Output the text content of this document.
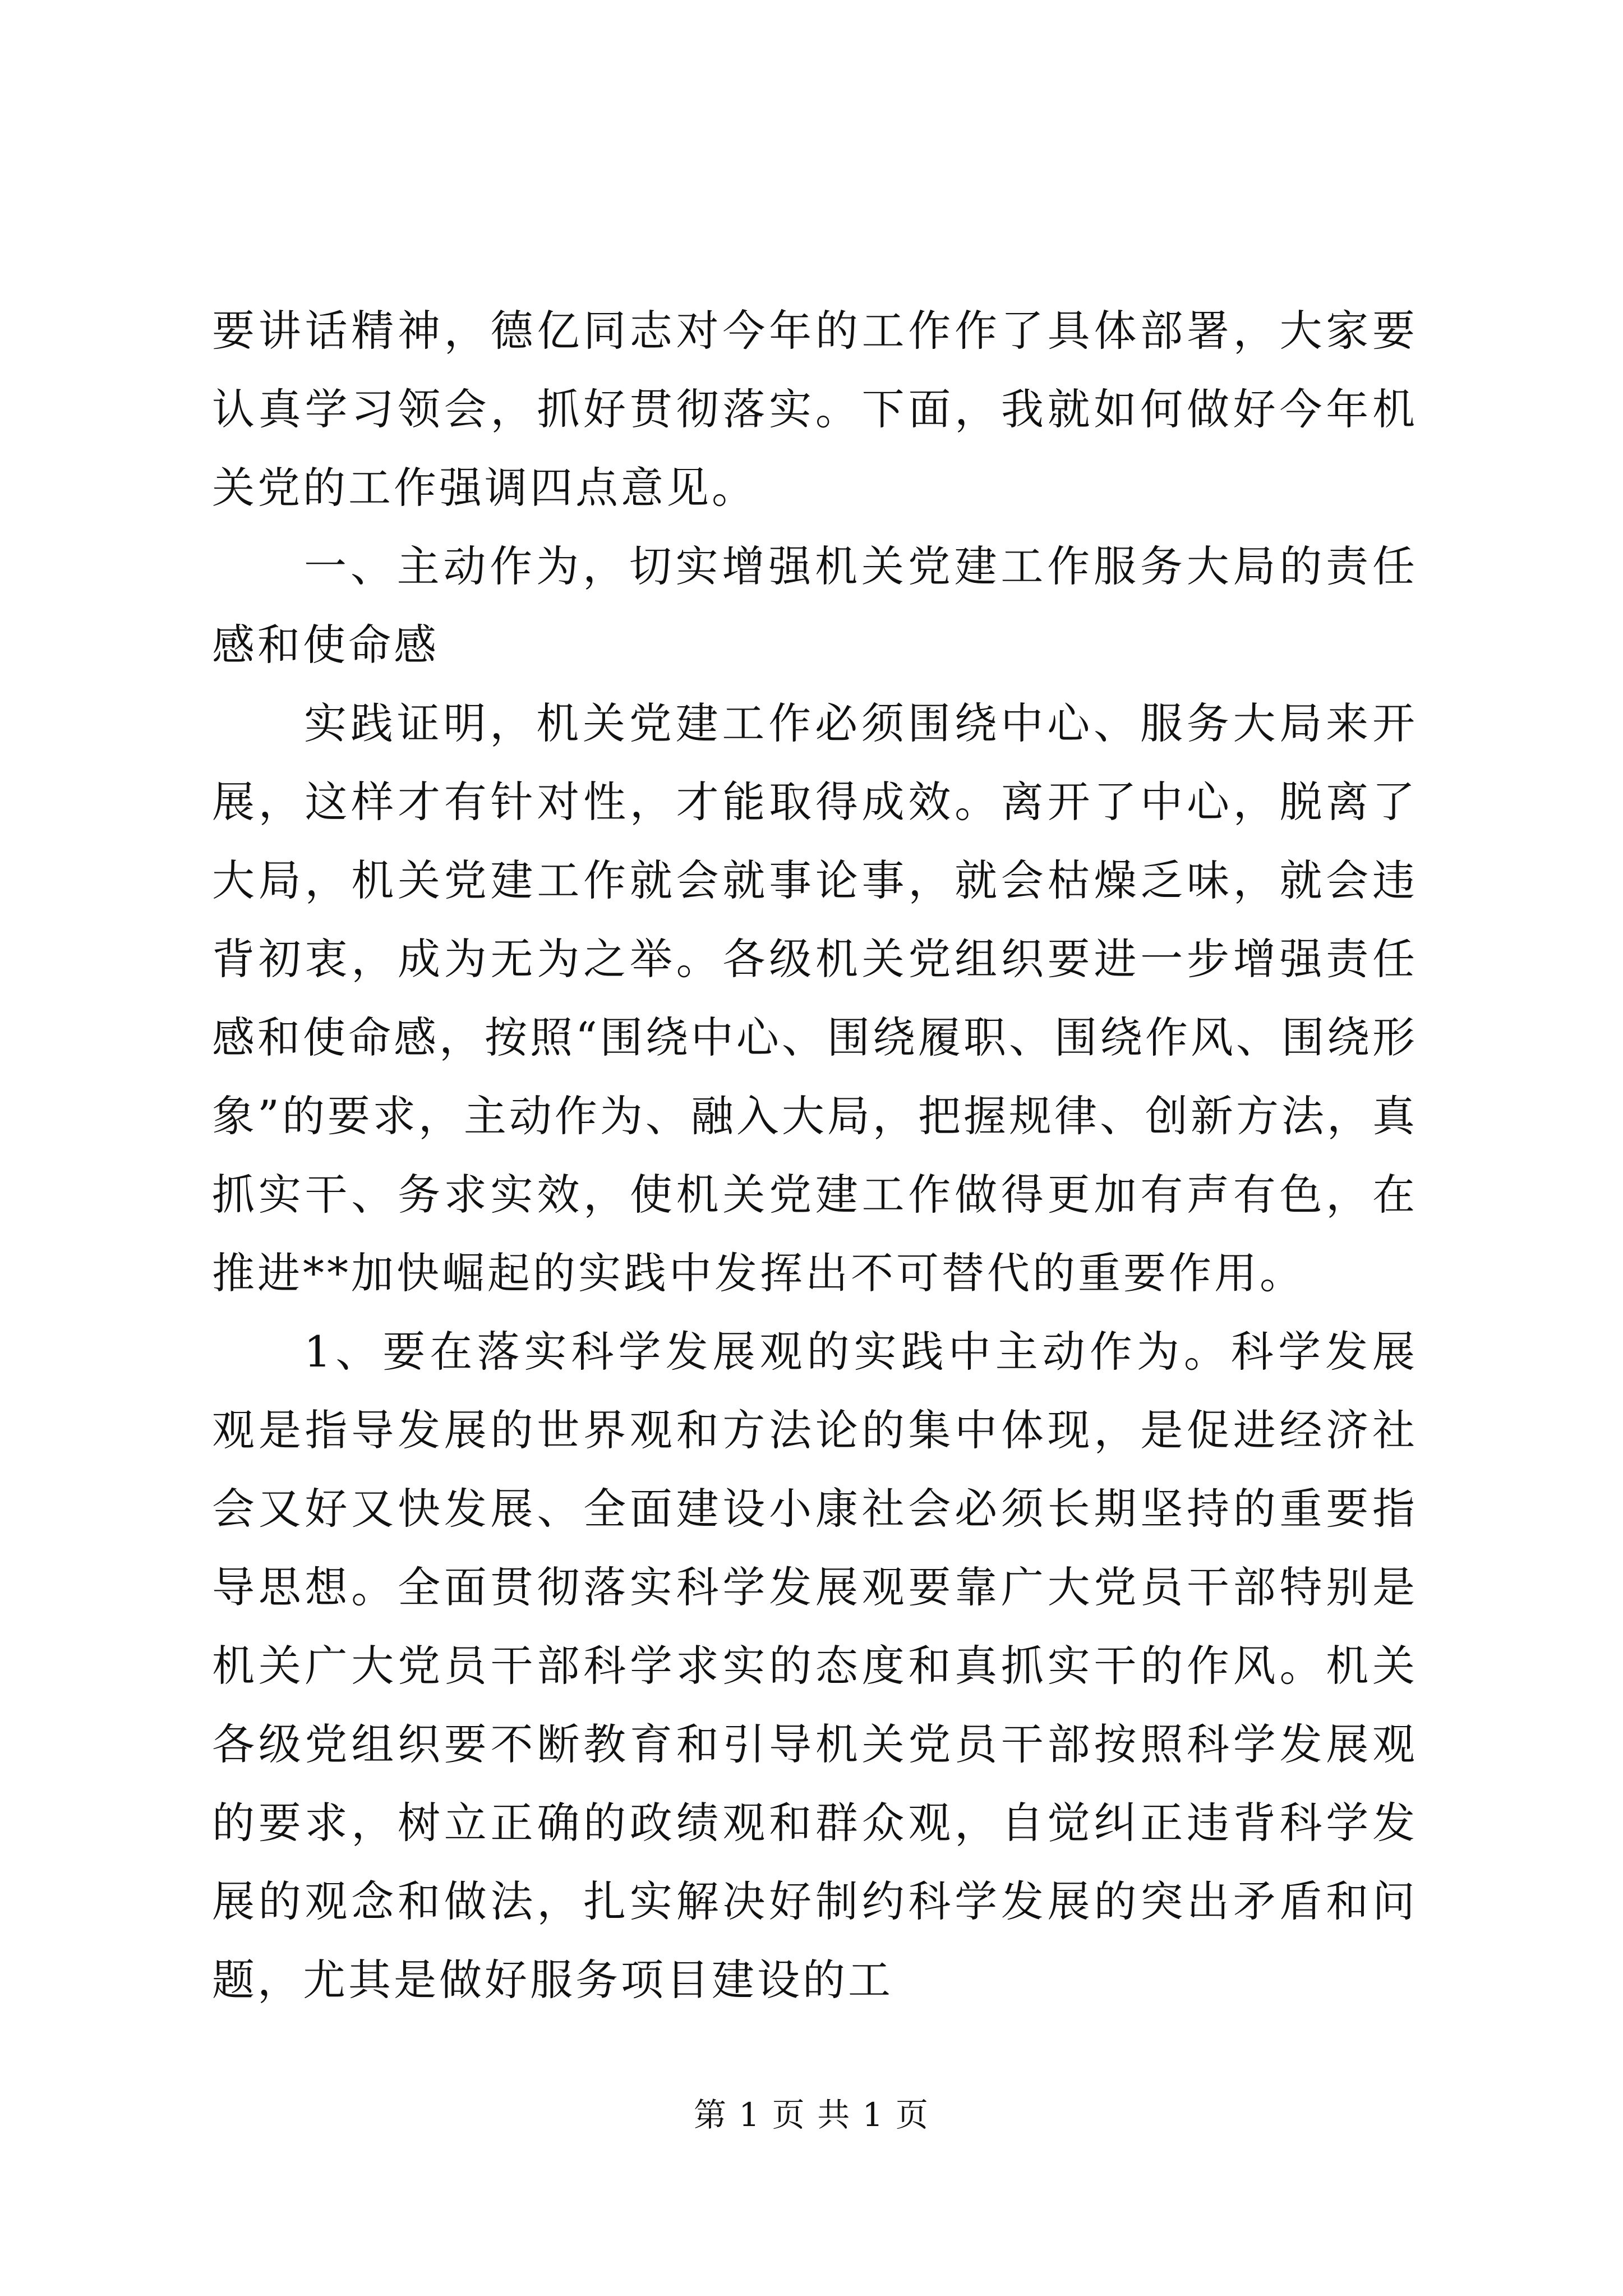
要讲话精神，德亿同志对今年的工作作了具体部署，大家要认真学习领会，抓好贯彻落实。下面，我就如何做好今年机关党的工作强调四点意见。

一、主动作为，切实增强机关党建工作服务大局的责任感和使命感

实践证明，机关党建工作必须围绕中心、服务大局来开展，这样才有针对性，才能取得成效。离开了中心，脱离了大局，机关党建工作就会就事论事，就会枯燥乏味，就会违背初衷，成为无为之举。各级机关党组织要进一步增强责任感和使命感，按照“围绕中心、围绕履职、围绕作风、围绕形象”的要求，主动作为、融入大局，把握规律、创新方法，真抓实干、务求实效，使机关党建工作做得更加有声有色，在推进**加快崛起的实践中发挥出不可替代的重要作用。

1、要在落实科学发展观的实践中主动作为。科学发展观是指导发展的世界观和方法论的集中体现，是促进经济社会又好又快发展、全面建设小康社会必须长期坚持的重要指导思想。全面贯彻落实科学发展观要靠广大党员干部特别是机关广大党员干部科学求实的态度和真抓实干的作风。机关各级党组织要不断教育和引导机关党员干部按照科学发展观的要求，树立正确的政绩观和群众观，自觉纠正违背科学发展的观念和做法，扎实解决好制约科学发展的突出矛盾和问题，尤其是做好服务项目建设的工

第 1 页 共 1 页
